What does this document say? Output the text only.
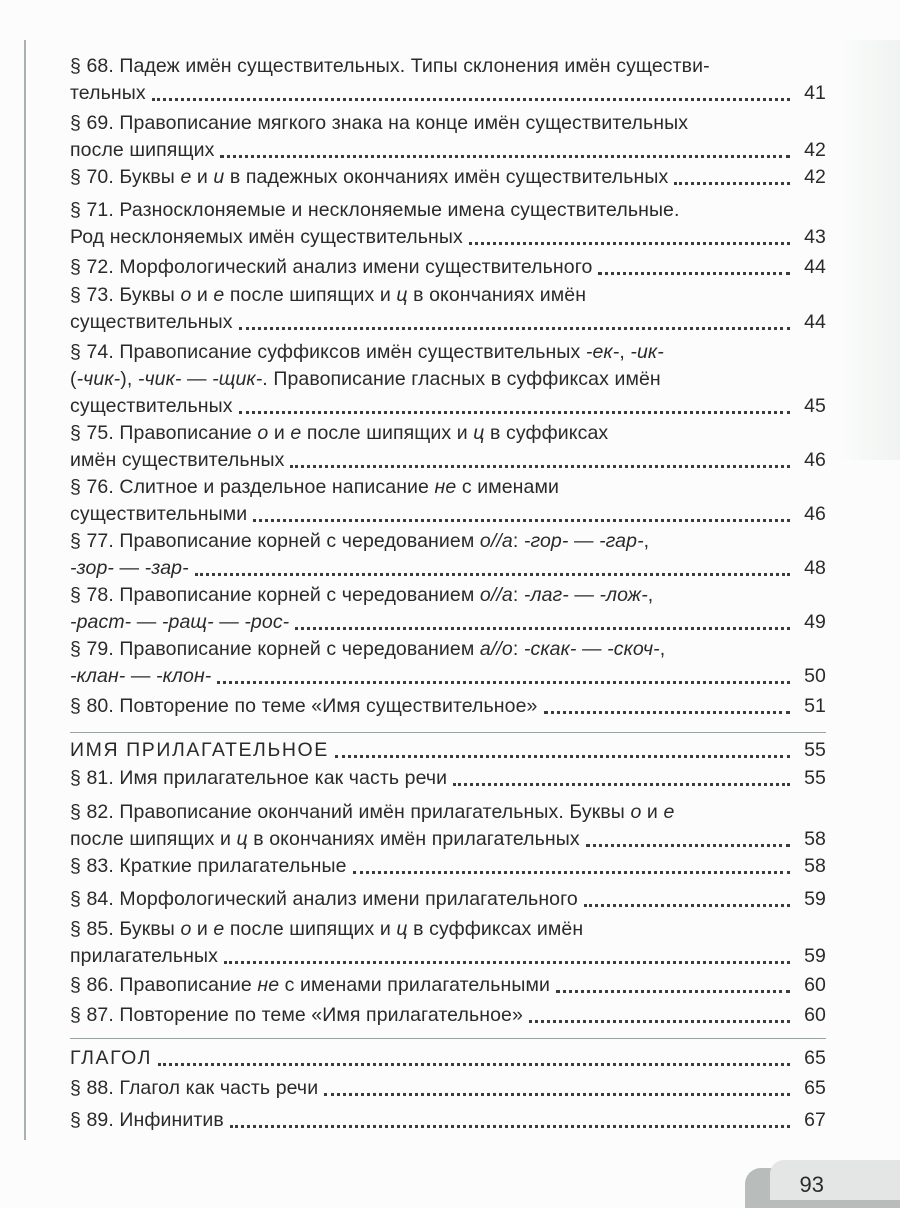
§ 68. Падеж имён существительных. Типы склонения имён существи-
тельных	41
§ 69. Правописание мягкого знака на конце имён существительных
после шипящих	42
§ 70. Буквы е и и в падежных окончаниях имён существительных	42
§ 71. Разносклоняемые и несклоняемые имена существительные.
Род несклоняемых имён существительных	43
§ 72. Морфологический анализ имени существительного	44
§ 73. Буквы о и е после шипящих и ц в окончаниях имён
существительных	44
§ 74. Правописание суффиксов имён существительных -ек-, -ик-
(-чик-), -чик- — -щик-. Правописание гласных в суффиксах имён
существительных	45
§ 75. Правописание о и е после шипящих и ц в суффиксах
имён существительных	46
§ 76. Слитное и раздельное написание не с именами
существительными	46
§ 77. Правописание корней с чередованием о//а: -гор- — -гар-,
-зор- — -зар-	48
§ 78. Правописание корней с чередованием о//а: -лаг- — -лож-,
-раст- — -ращ- — -рос-	49
§ 79. Правописание корней с чередованием а//о: -скак- — -скоч-,
-клан- — -клон-	50
§ 80. Повторение по теме «Имя существительное»	51
ИМЯ ПРИЛАГАТЕЛЬНОЕ	55
§ 81. Имя прилагательное как часть речи	55
§ 82. Правописание окончаний имён прилагательных. Буквы о и е
после шипящих и ц в окончаниях имён прилагательных	58
§ 83. Краткие прилагательные	58
§ 84. Морфологический анализ имени прилагательного	59
§ 85. Буквы о и е после шипящих и ц в суффиксах имён
прилагательных	59
§ 86. Правописание не с именами прилагательными	60
§ 87. Повторение по теме «Имя прилагательное»	60
ГЛАГОЛ	65
§ 88. Глагол как часть речи	65
§ 89. Инфинитив	67
93
